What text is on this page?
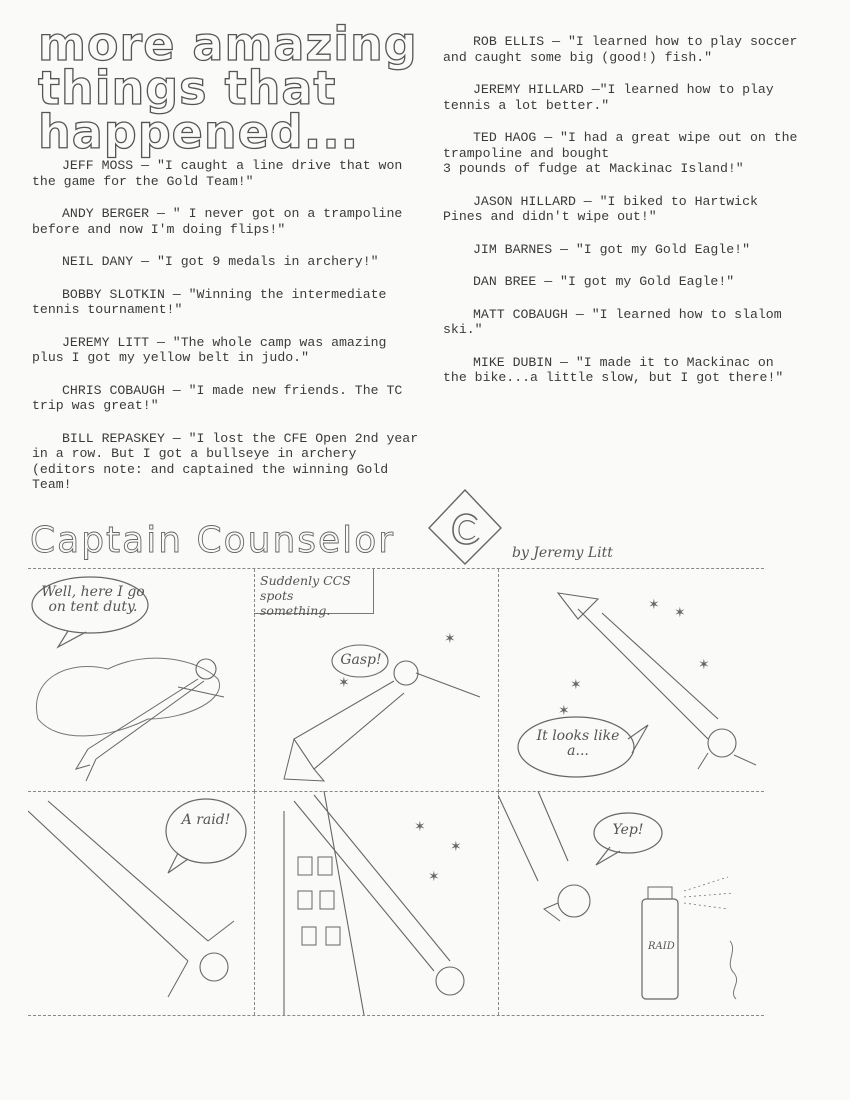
more amazing
things that
happened...

JEFF MOSS — "I caught a line drive that won the game for the Gold Team!"

ANDY BERGER — " I never got on a trampoline before and now I'm doing flips!"

NEIL DANY — "I got 9 medals in archery!"

BOBBY SLOTKIN — "Winning the intermediate tennis tournament!"

JEREMY LITT — "The whole camp was amazing plus I got my yellow belt in judo."

CHRIS COBAUGH — "I made new friends. The TC trip was great!"

BILL REPASKEY — "I lost the CFE Open 2nd year in a row. But I got a bullseye in archery (editors note: and captained the winning Gold Team!

ROB ELLIS — "I learned how to play soccer and caught some big (good!) fish."

JEREMY HILLARD —"I learned how to play tennis a lot better."

TED HAOG — "I had a great wipe out on the trampoline and bought
3 pounds of fudge at Mackinac Island!"

JASON HILLARD — "I biked to Hartwick Pines and didn't wipe out!"

JIM BARNES — "I got my Gold Eagle!"

DAN BREE — "I got my Gold Eagle!"

MATT COBAUGH — "I learned how to slalom ski."

MIKE DUBIN — "I made it to Mackinac on the bike...a little slow, but I got there!"

Captain Counselor	by Jeremy Litt
Well, here I go on tent duty.
✶
✶
Suddenly CCS spots something.
Gasp!
✶ ✶
✶
✶
✶
It looks like a...
A raid!	✶
✶
✶
Yep!
RAID
